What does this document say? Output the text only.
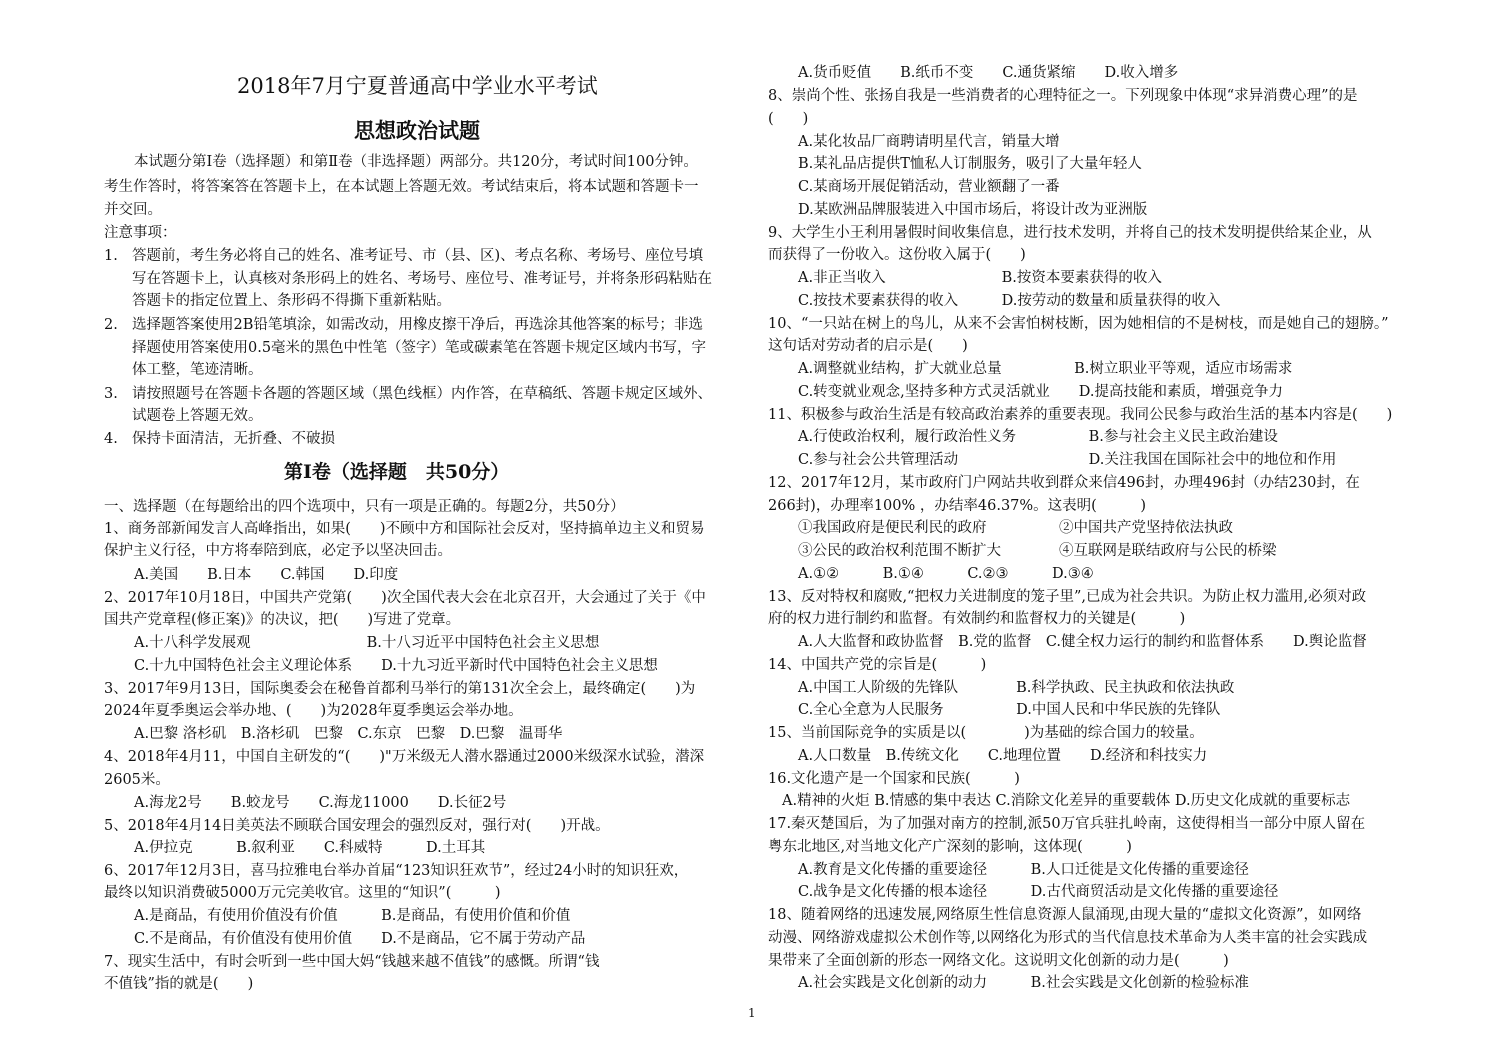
2018年7月宁夏普通高中学业水平考试
思想政治试题
本试题分第Ⅰ卷（选择题）和第Ⅱ卷（非选择题）两部分。共120分，考试时间100分钟。
考生作答时，将答案答在答题卡上，在本试题上答题无效。考试结束后，将本试题和答题卡一
并交回。
注意事项：
1. 答题前，考生务必将自己的姓名、准考证号、市（县、区)、考点名称、考场号、座位号填
写在答题卡上，认真核对条形码上的姓名、考场号、座位号、准考证号，并将条形码粘贴在
答题卡的指定位置上、条形码不得撕下重新粘贴。
2. 选择题答案使用2B铅笔填涂，如需改动，用橡皮擦干净后，再选涂其他答案的标号；非选
择题使用答案使用0.5毫米的黑色中性笔（签字）笔或碳素笔在答题卡规定区域内书写，字
体工整，笔迹清晰。
3. 请按照题号在答题卡各题的答题区域（黑色线框）内作答，在草稿纸、答题卡规定区域外、
试题卷上答题无效。
4. 保持卡面清洁，无折叠、不破损
第Ⅰ卷（选择题　共50分）
一、选择题（在每题给出的四个选项中，只有一项是正确的。每题2分，共50分）
1、商务部新闻发言人高峰指出，如果(　　)不顾中方和国际社会反对，坚持搞单边主义和贸易
保护主义行径，中方将奉陪到底，必定予以坚决回击。
A.美国　　B.日本　　C.韩国　　D.印度
2、2017年10月18日，中国共产党第(　　)次全国代表大会在北京召开，大会通过了关于《中
国共产党章程(修正案)》的决议，把(　　)写进了党章。
A.十八科学发展观　　　　　　　　B.十八习近平中国特色社会主义思想
C.十九中国特色社会主义理论体系　　D.十九习近平新时代中国特色社会主义思想
3、2017年9月13日，国际奥委会在秘鲁首都利马举行的第131次全会上，最终确定(　　)为
2024年夏季奥运会举办地、(　　)为2028年夏季奥运会举办地。
A.巴黎 洛杉矶　B.洛杉矶　巴黎　C.东京　巴黎　D.巴黎　温哥华
4、2018年4月11，中国自主研发的“(　　)"万米级无人潜水器通过2000米级深水试验，潜深
2605米。
A.海龙2号　　B.蛟龙号　　C.海龙11000　　D.长征2号
5、2018年4月14日美英法不顾联合国安理会的强烈反对，强行对(　　)开战。
A.伊拉克　　　B.叙利亚　　C.科威特　　　D.土耳其
6、2017年12月3日，喜马拉雅电台举办首届“123知识狂欢节”，经过24小时的知识狂欢，
最终以知识消费破5000万元完美收官。这里的“知识”(　　　)
A.是商品，有使用价值没有价值　　　B.是商品，有使用价值和价值
C.不是商品，有价值没有使用价值　　D.不是商品，它不属于劳动产品
7、现实生活中，有时会听到一些中国大妈“钱越来越不值钱”的感慨。所谓“钱
不值钱”指的就是(　　)
A.货币贬值　　B.纸币不变　　C.通货紧缩　　D.收入增多
8、崇尚个性、张扬自我是一些消费者的心理特征之一。下列现象中体现“求异消费心理”的是
(　　)
A.某化妆品厂商聘请明星代言，销量大增
B.某礼品店提供T恤私人订制服务，吸引了大量年轻人
C.某商场开展促销活动，营业额翻了一番
D.某欧洲品牌服装进入中国市场后，将设计改为亚洲版
9、大学生小王利用暑假时间收集信息，进行技术发明，并将自己的技术发明提供给某企业，从
而获得了一份收入。这份收入属于(　　)
A.非正当收入　　　　　　　　B.按资本要素获得的收入
C.按技术要素获得的收入　　　D.按劳动的数量和质量获得的收入
10、“一只站在树上的鸟儿，从来不会害怕树枝断，因为她相信的不是树枝，而是她自己的翅膀。”
这句话对劳动者的启示是(　　)
A.调整就业结构，扩大就业总量　　　　　B.树立职业平等观，适应市场需求
C.转变就业观念,坚持多种方式灵活就业　　D.提高技能和素质，增强竞争力
11、积极参与政治生活是有较高政治素养的重要表现。我同公民参与政治生活的基本内容是(　　)
A.行使政治权利，履行政治性义务　　　　　B.参与社会主义民主政治建设
C.参与社会公共管理活动　　　　　　　　　D.关注我国在国际社会中的地位和作用
12、2017年12月，某市政府门户网站共收到群众来信496封，办理496封（办结230封，在
266封)，办理率100% ，办结率46.37%。这表明(　　　)
①我国政府是便民利民的政府　　　　　②中国共产党坚持依法执政
③公民的政治权利范围不断扩大　　　　④互联网是联结政府与公民的桥梁
A.①②　　　B.①④　　　C.②③　　　D.③④
13、反对特权和腐败,“把权力关进制度的笼子里”,已成为社会共识。为防止权力滥用,必须对政
府的权力进行制约和监督。有效制约和监督权力的关键是(　　　)
A.人大监督和政协监督　B.党的监督　C.健全权力运行的制约和监督体系　　D.舆论监督
14、中国共产党的宗旨是(　　　)
A.中国工人阶级的先锋队　　　　B.科学执政、民主执政和依法执政
C.全心全意为人民服务　　　　　D.中国人民和中华民族的先锋队
15、当前国际竞争的实质是以(　　　　)为基础的综合国力的较量。
A.人口数量　B.传统文化　　C.地理位置　　D.经济和科技实力
16.文化遗产是一个国家和民族(　　　)
A.精神的火炬 B.情感的集中表达 C.消除文化差异的重要载体 D.历史文化成就的重要标志
17.秦灭楚国后，为了加强对南方的控制,派50万官兵驻扎岭南，这使得相当一部分中原人留在
粤东北地区,对当地文化产广深刻的影响，这体现(　　　)
A.教育是文化传播的重要途径　　　B.人口迁徙是文化传播的重要途径
C.战争是文化传播的根本途径　　　D.古代商贸活动是文化传播的重要途径
18、随着网络的迅速发展,网络原生性信息资源人鼠涌现,由现大量的“虚拟文化资源”，如网络
动漫、网络游戏虚拟公术创作等,以网络化为形式的当代信息技术革命为人类丰富的社会实践成
果带来了全面创新的形态一网络文化。这说明文化创新的动力是(　　　)
A.社会实践是文化创新的动力　　　B.社会实践是文化创新的检验标准
1
